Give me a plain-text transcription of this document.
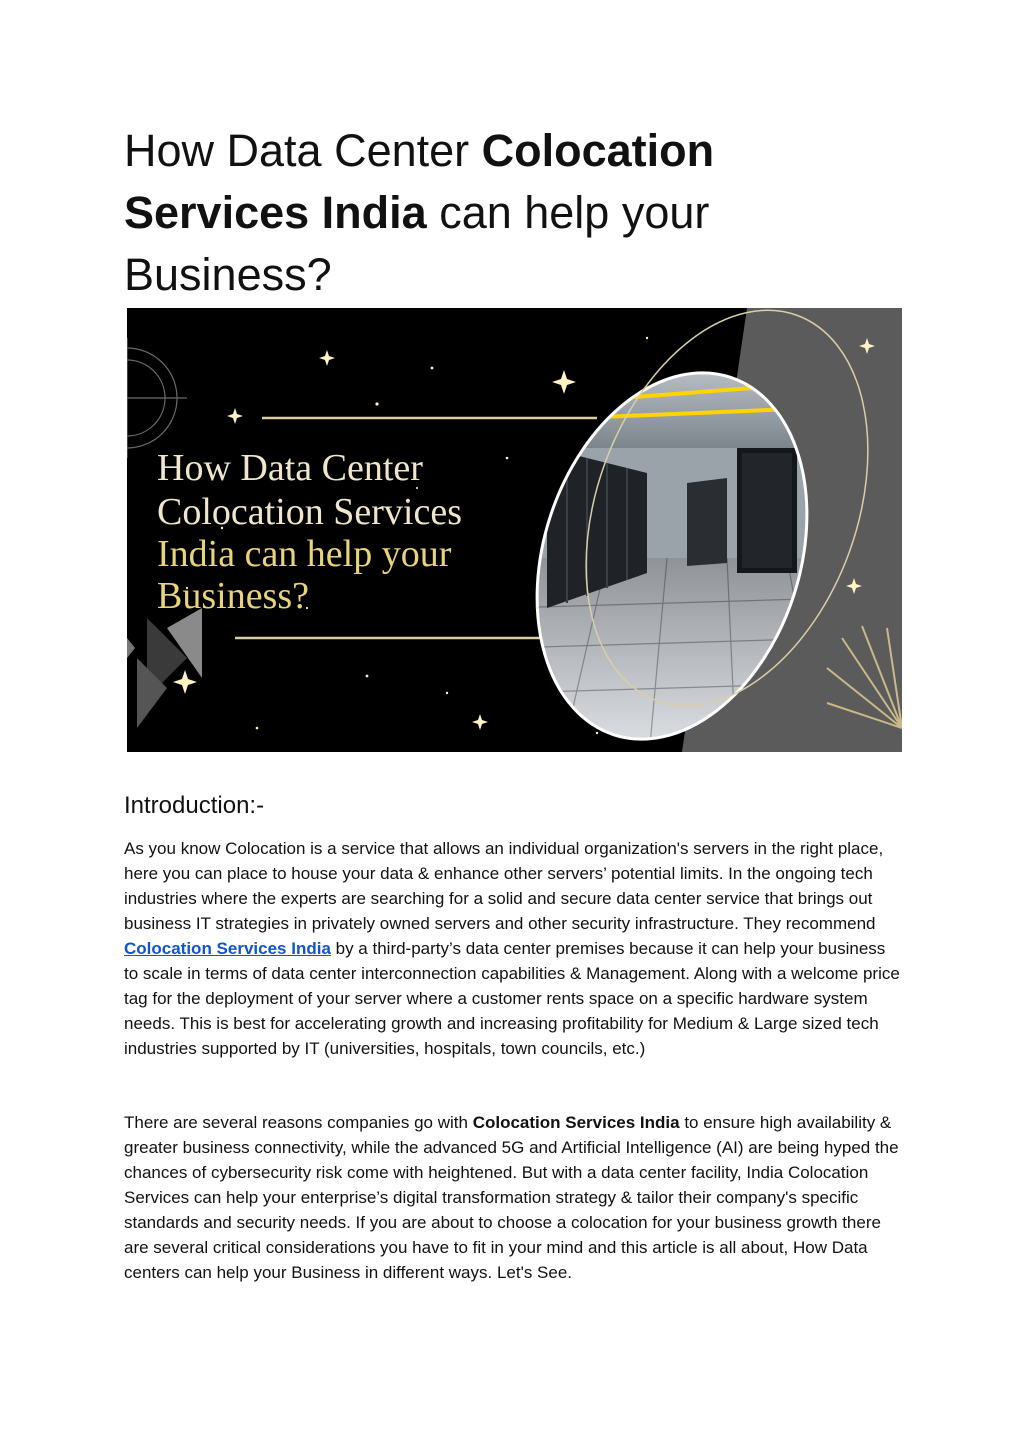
How Data Center Colocation Services India can help your Business?
How Data Center
Colocation Services
India can help your
Business?
Introduction:-

As you know Colocation is a service that allows an individual organization's servers in the right place, here you can place to house your data & enhance other servers’ potential limits. In the ongoing tech industries where the experts are searching for a solid and secure data center service that brings out business IT strategies in privately owned servers and other security infrastructure. They recommend Colocation Services India by a third-party’s data center premises because it can help your business to scale in terms of data center interconnection capabilities & Management. Along with a welcome price tag for the deployment of your server where a customer rents space on a specific hardware system needs. This is best for accelerating growth and increasing profitability for Medium & Large sized tech industries supported by IT (universities, hospitals, town councils, etc.)

There are several reasons companies go with Colocation Services India to ensure high availability & greater business connectivity, while the advanced 5G and Artificial Intelligence (AI) are being hyped the chances of cybersecurity risk come with heightened. But with a data center facility, India Colocation Services can help your enterprise’s digital transformation strategy & tailor their company's specific standards and security needs. If you are about to choose a colocation for your business growth there are several critical considerations you have to fit in your mind and this article is all about, How Data centers can help your Business in different ways. Let's See.
